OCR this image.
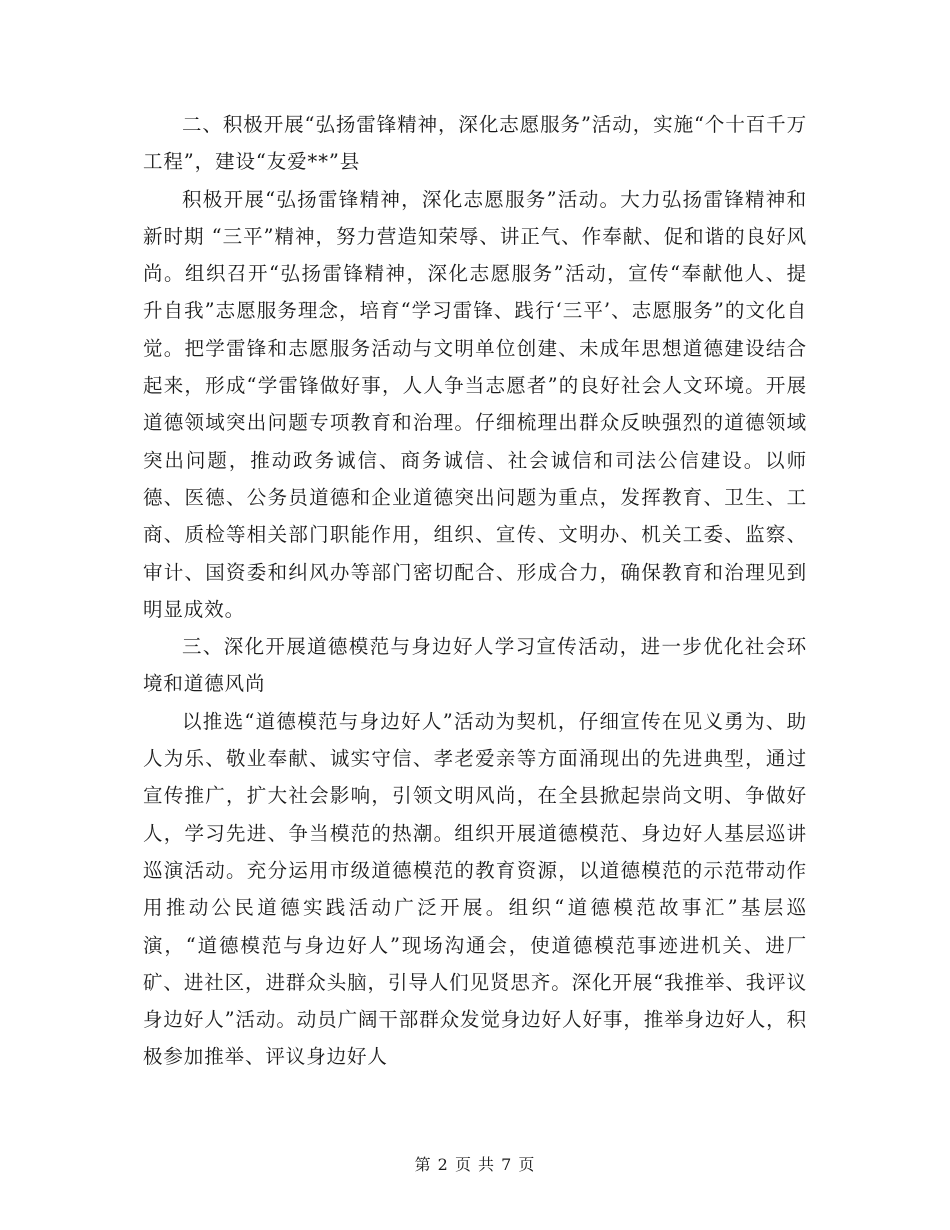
二、积极开展“弘扬雷锋精神，深化志愿服务”活动，实施“个十百千万工程”，建设“友爱**”县

积极开展“弘扬雷锋精神，深化志愿服务”活动。大力弘扬雷锋精神和新时期 “三平”精神，努力营造知荣辱、讲正气、作奉献、促和谐的良好风尚。组织召开“弘扬雷锋精神，深化志愿服务”活动，宣传“奉献他人、提升自我”志愿服务理念，培育“学习雷锋、践行‘三平’、志愿服务”的文化自觉。把学雷锋和志愿服务活动与文明单位创建、未成年思想道德建设结合起来，形成“学雷锋做好事，人人争当志愿者”的良好社会人文环境。开展道德领域突出问题专项教育和治理。仔细梳理出群众反映强烈的道德领域突出问题，推动政务诚信、商务诚信、社会诚信和司法公信建设。以师德、医德、公务员道德和企业道德突出问题为重点，发挥教育、卫生、工商、质检等相关部门职能作用，组织、宣传、文明办、机关工委、监察、审计、国资委和纠风办等部门密切配合、形成合力，确保教育和治理见到明显成效。

三、深化开展道德模范与身边好人学习宣传活动，进一步优化社会环境和道德风尚

以推选“道德模范与身边好人”活动为契机，仔细宣传在见义勇为、助人为乐、敬业奉献、诚实守信、孝老爱亲等方面涌现出的先进典型，通过宣传推广，扩大社会影响，引领文明风尚，在全县掀起崇尚文明、争做好人，学习先进、争当模范的热潮。组织开展道德模范、身边好人基层巡讲巡演活动。充分运用市级道德模范的教育资源，以道德模范的示范带动作用推动公民道德实践活动广泛开展。组织“道德模范故事汇”基层巡演，“道德模范与身边好人”现场沟通会，使道德模范事迹进机关、进厂矿、进社区，进群众头脑，引导人们见贤思齐。深化开展“我推举、我评议身边好人”活动。动员广阔干部群众发觉身边好人好事，推举身边好人，积极参加推举、评议身边好人

第 2 页 共 7 页
